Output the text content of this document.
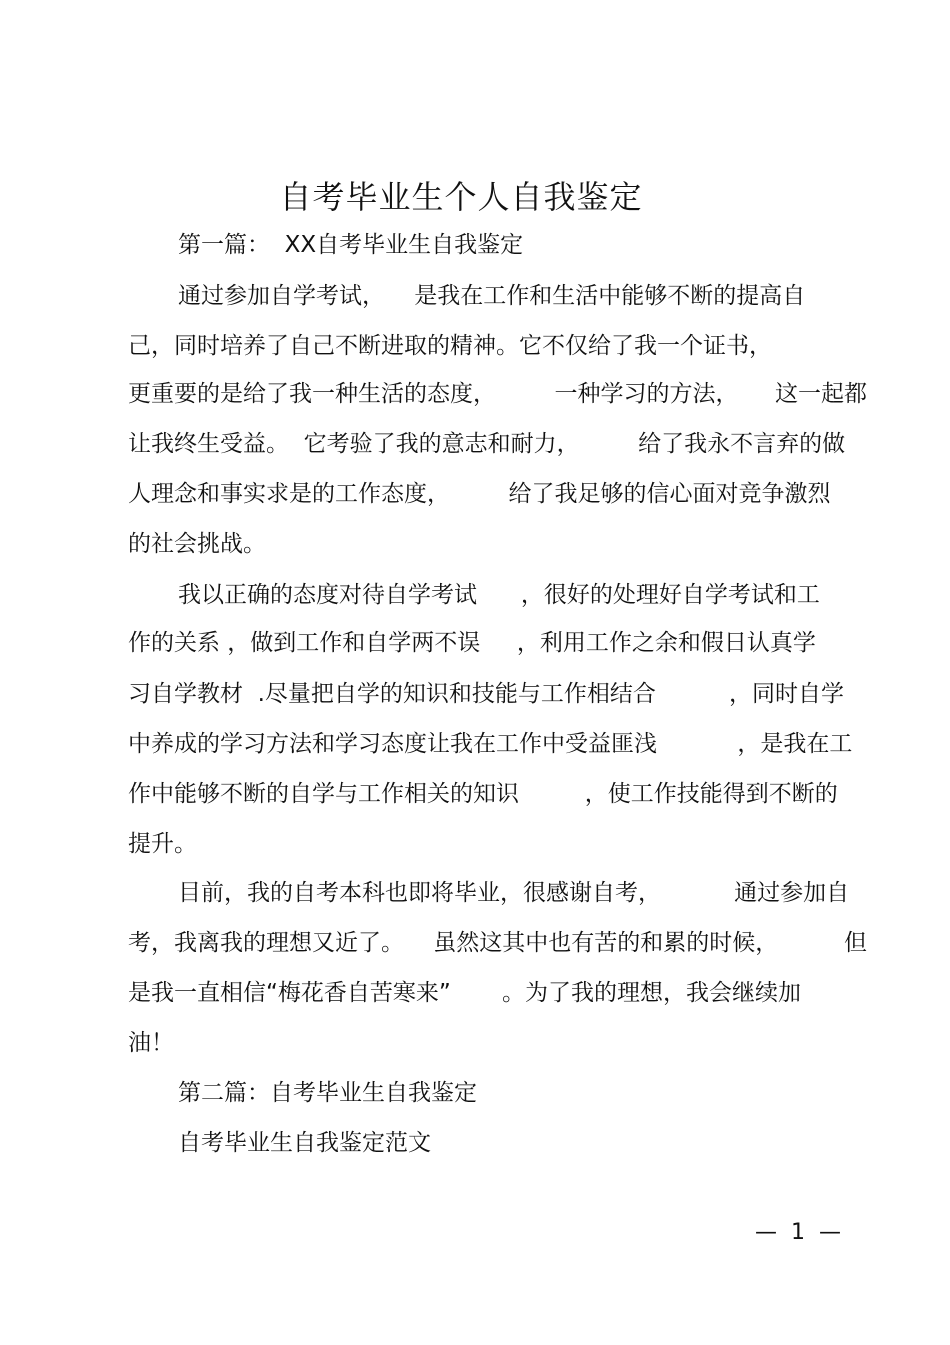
自考毕业生个人自我鉴定
第一篇：  XX自考毕业生自我鉴定
通过参加自学考试，    是我在工作和生活中能够不断的提高自
己，同时培养了自己不断进取的精神。它不仅给了我一个证书，
更重要的是给了我一种生活的态度，        一种学习的方法，     这一起都
让我终生受益。  它考验了我的意志和耐力，        给了我永不言弃的做
人理念和事实求是的工作态度，        给了我足够的信心面对竞争激烈
的社会挑战。
我以正确的态度对待自学考试      ，很好的处理好自学考试和工
作的关系 ，做到工作和自学两不误     ，利用工作之余和假日认真学
习自学教材  .尽量把自学的知识和技能与工作相结合          ，同时自学
中养成的学习方法和学习态度让我在工作中受益匪浅           ，是我在工
作中能够不断的自学与工作相关的知识         ，使工作技能得到不断的
提升。
目前，我的自考本科也即将毕业，很感谢自考，          通过参加自
考，我离我的理想又近了。    虽然这其中也有苦的和累的时候，         但
是我一直相信“梅花香自苦寒来”       。为了我的理想，我会继续加
油！
第二篇：自考毕业生自我鉴定
自考毕业生自我鉴定范文
—  1  —
